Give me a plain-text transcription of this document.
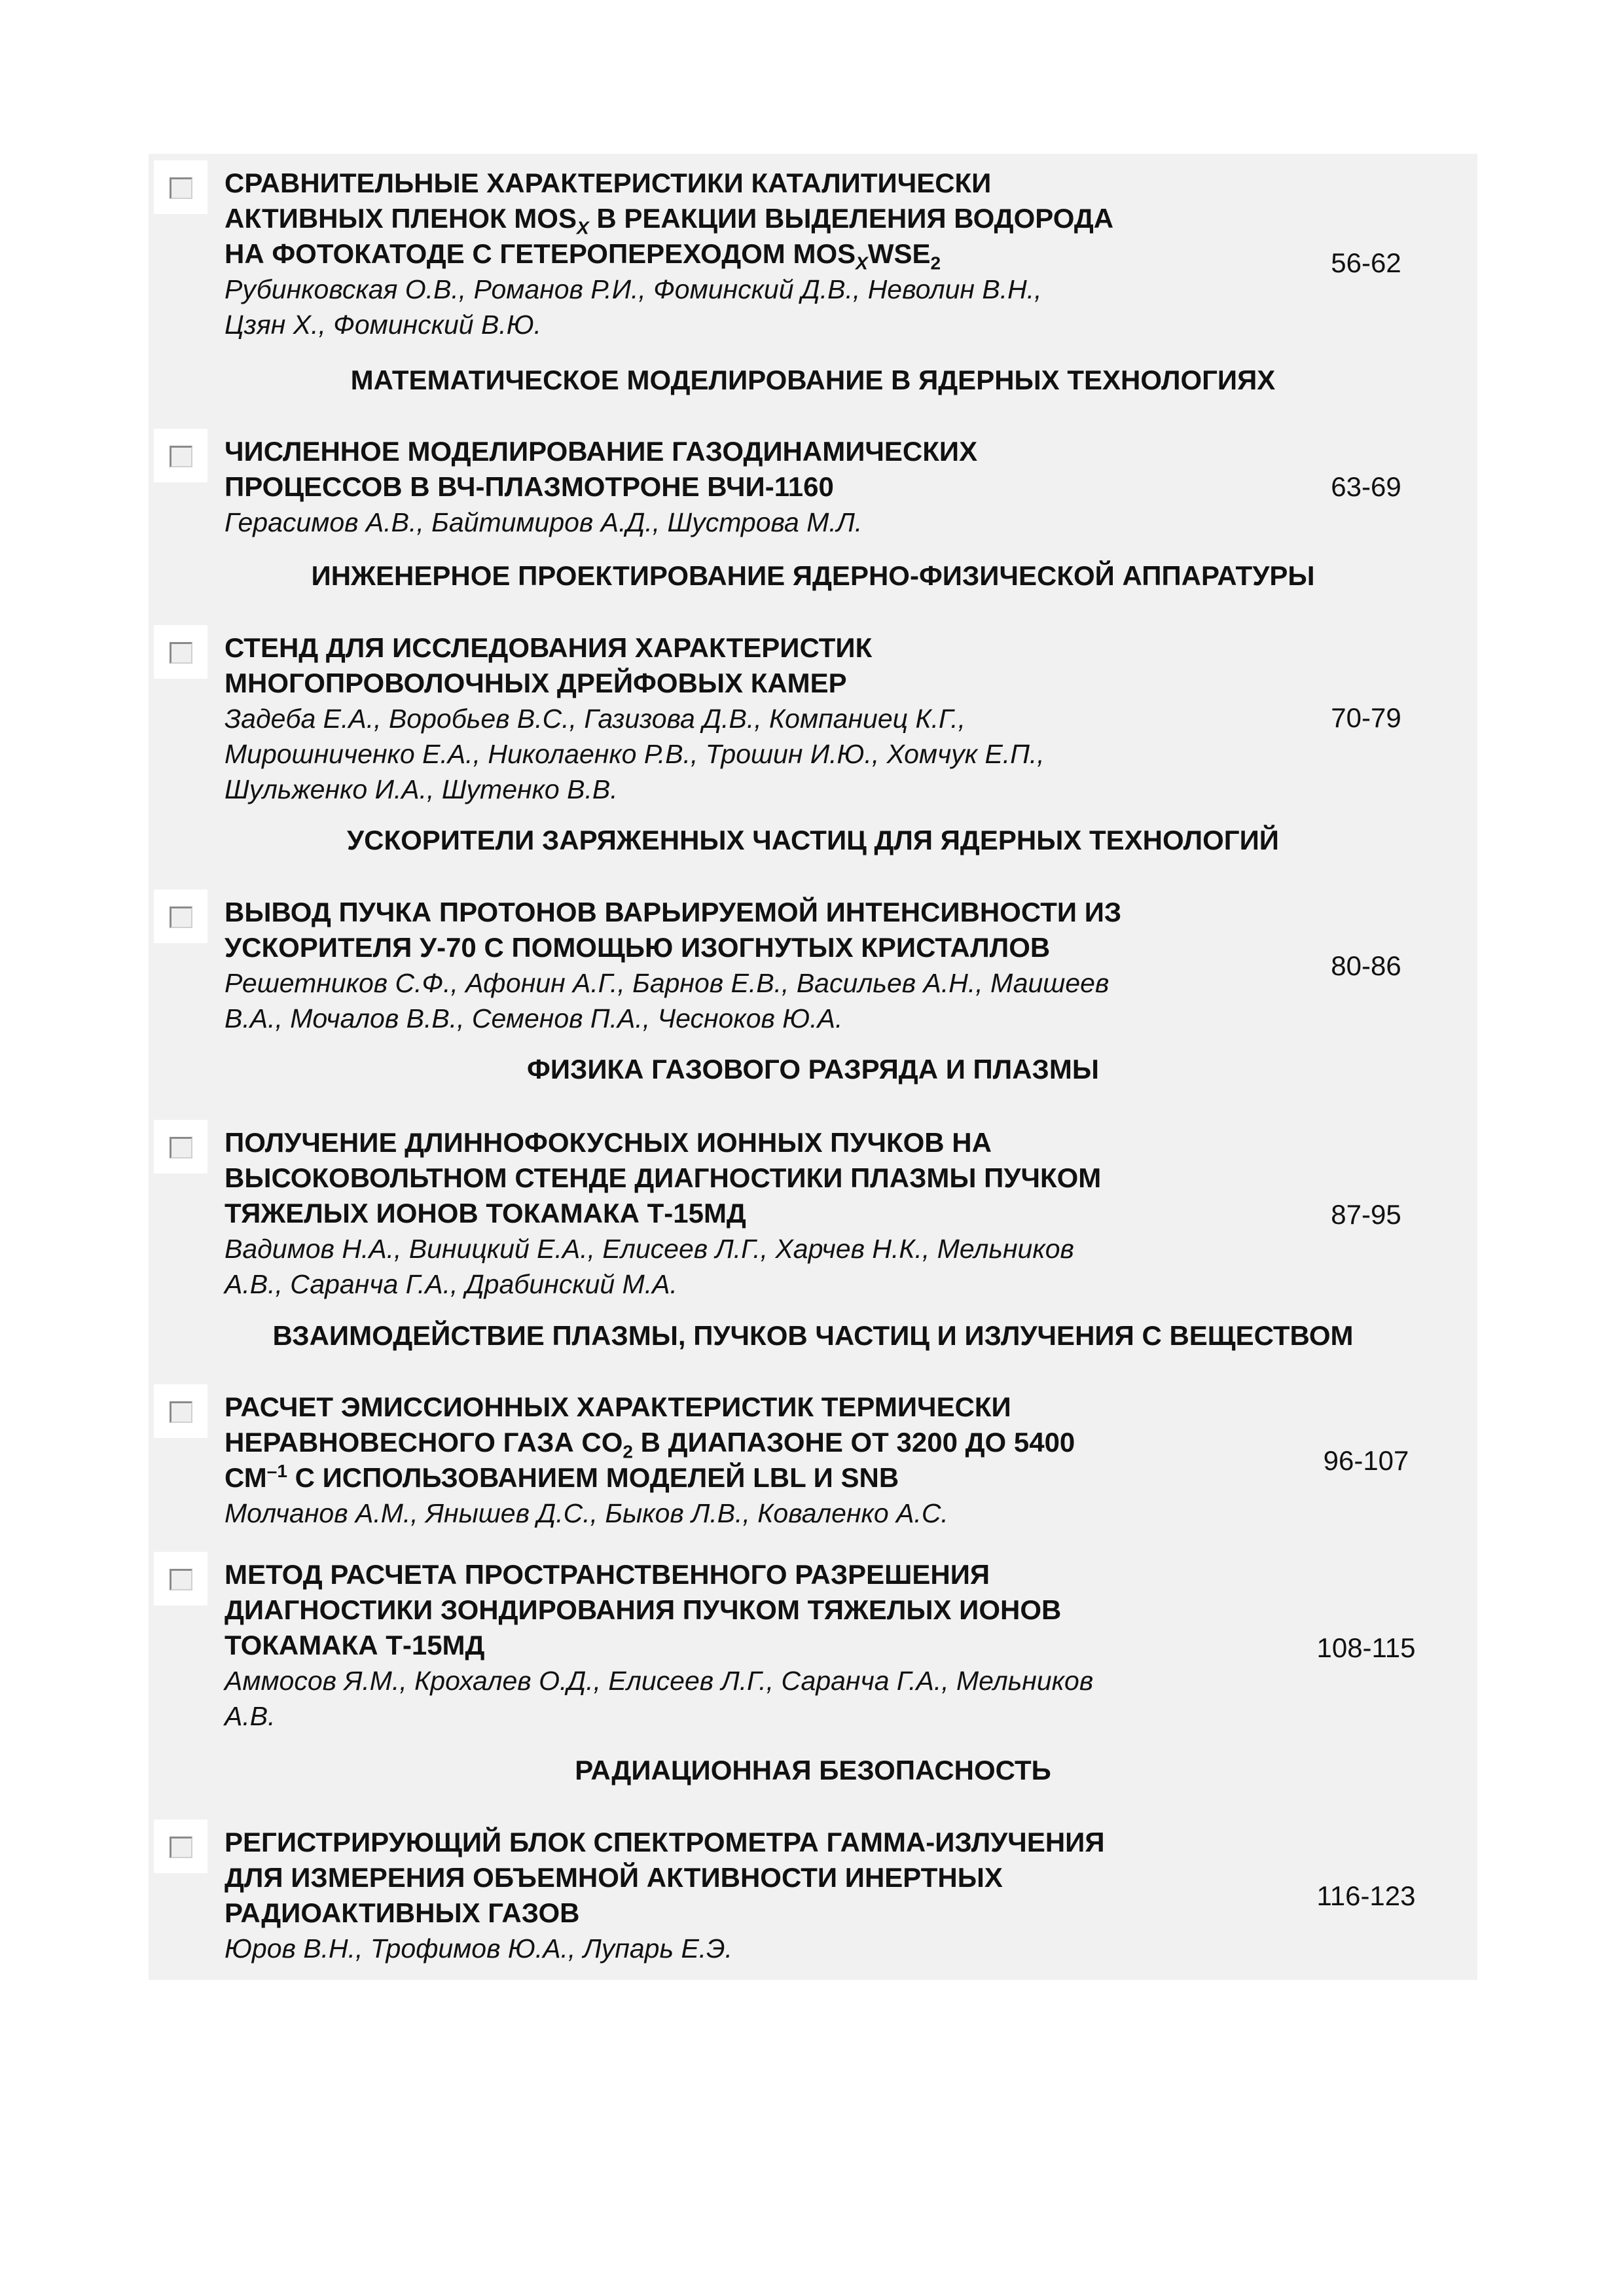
СРАВНИТЕЛЬНЫЕ ХАРАКТЕРИСТИКИ КАТАЛИТИЧЕСКИ
АКТИВНЫХ ПЛЕНОК $MOS_X$ В РЕАКЦИИ ВЫДЕЛЕНИЯ ВОДОРОДА
НА ФОТОКАТОДЕ С ГЕТЕРОПЕРЕХОДОМ $MOS_XWSE_2$
Рубинковская О.В., Романов Р.И., Фоминский Д.В., Неволин В.Н.,
Цзян Х., Фоминский В.Ю.
56-62
МАТЕМАТИЧЕСКОЕ МОДЕЛИРОВАНИЕ В ЯДЕРНЫХ ТЕХНОЛОГИЯХ
ЧИСЛЕННОЕ МОДЕЛИРОВАНИЕ ГАЗОДИНАМИЧЕСКИХ
ПРОЦЕССОВ В ВЧ-ПЛАЗМОТРОНЕ ВЧИ-1160
Герасимов А.В., Байтимиров А.Д., Шустрова М.Л.
63-69
ИНЖЕНЕРНОЕ ПРОЕКТИРОВАНИЕ ЯДЕРНО-ФИЗИЧЕСКОЙ АППАРАТУРЫ
СТЕНД ДЛЯ ИССЛЕДОВАНИЯ ХАРАКТЕРИСТИК
МНОГОПРОВОЛОЧНЫХ ДРЕЙФОВЫХ КАМЕР
Задеба Е.А., Воробьев В.С., Газизова Д.В., Компаниец К.Г.,
Мирошниченко Е.А., Николаенко Р.В., Трошин И.Ю., Хомчук Е.П.,
Шульженко И.А., Шутенко В.В.
70-79
УСКОРИТЕЛИ ЗАРЯЖЕННЫХ ЧАСТИЦ ДЛЯ ЯДЕРНЫХ ТЕХНОЛОГИЙ
ВЫВОД ПУЧКА ПРОТОНОВ ВАРЬИРУЕМОЙ ИНТЕНСИВНОСТИ ИЗ
УСКОРИТЕЛЯ У-70 С ПОМОЩЬЮ ИЗОГНУТЫХ КРИСТАЛЛОВ
Решетников С.Ф., Афонин А.Г., Барнов Е.В., Васильев А.Н., Маишеев
В.А., Мочалов В.В., Семенов П.А., Чесноков Ю.А.
80-86
ФИЗИКА ГАЗОВОГО РАЗРЯДА И ПЛАЗМЫ
ПОЛУЧЕНИЕ ДЛИННОФОКУСНЫХ ИОННЫХ ПУЧКОВ НА
ВЫСОКОВОЛЬТНОМ СТЕНДЕ ДИАГНОСТИКИ ПЛАЗМЫ ПУЧКОМ
ТЯЖЕЛЫХ ИОНОВ ТОКАМАКА Т-15МД
Вадимов Н.А., Виницкий Е.А., Елисеев Л.Г., Харчев Н.К., Мельников
А.В., Саранча Г.А., Драбинский М.А.
87-95
ВЗАИМОДЕЙСТВИЕ ПЛАЗМЫ, ПУЧКОВ ЧАСТИЦ И ИЗЛУЧЕНИЯ С ВЕЩЕСТВОМ
РАСЧЕТ ЭМИССИОННЫХ ХАРАКТЕРИСТИК ТЕРМИЧЕСКИ
НЕРАВНОВЕСНОГО ГАЗА $CO_2$ В ДИАПАЗОНЕ ОТ 3200 ДО 5400
$СМ^{-1}$ С ИСПОЛЬЗОВАНИЕМ МОДЕЛЕЙ LBL И SNB
Молчанов А.М., Янышев Д.С., Быков Л.В., Коваленко А.С.
96-107
МЕТОД РАСЧЕТА ПРОСТРАНСТВЕННОГО РАЗРЕШЕНИЯ
ДИАГНОСТИКИ ЗОНДИРОВАНИЯ ПУЧКОМ ТЯЖЕЛЫХ ИОНОВ
ТОКАМАКА Т-15МД
Аммосов Я.М., Крохалев О.Д., Елисеев Л.Г., Саранча Г.А., Мельников
А.В.
108-115
РАДИАЦИОННАЯ БЕЗОПАСНОСТЬ
РЕГИСТРИРУЮЩИЙ БЛОК СПЕКТРОМЕТРА ГАММА-ИЗЛУЧЕНИЯ
ДЛЯ ИЗМЕРЕНИЯ ОБЪЕМНОЙ АКТИВНОСТИ ИНЕРТНЫХ
РАДИОАКТИВНЫХ ГАЗОВ
Юров В.Н., Трофимов Ю.А., Лупарь Е.Э.
116-123
